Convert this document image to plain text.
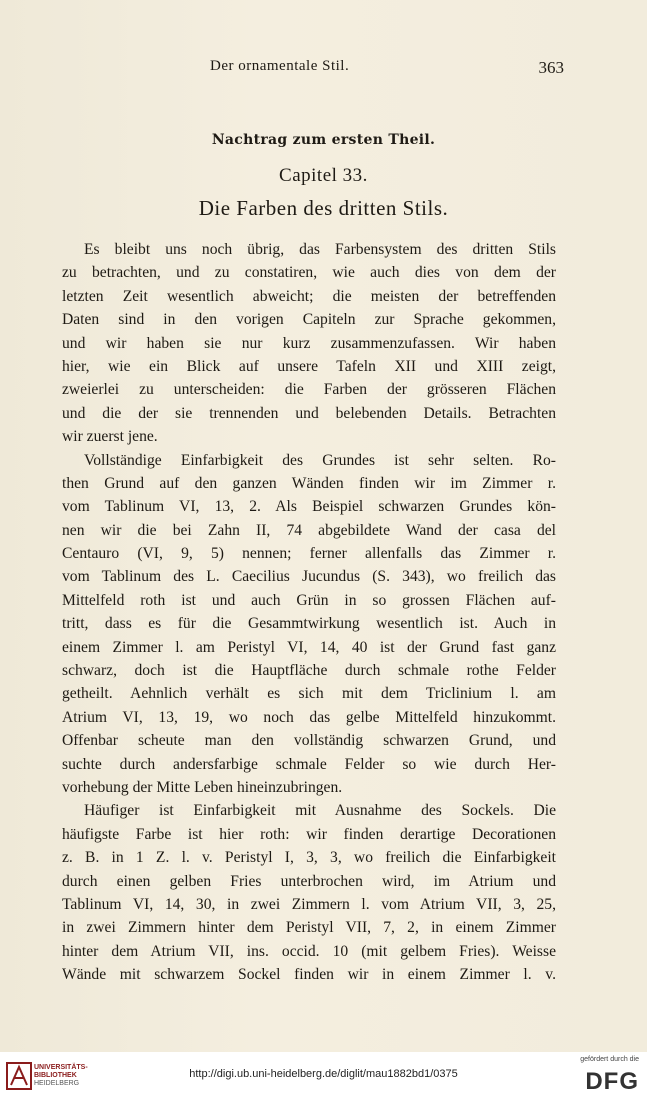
Der ornamentale Stil.	363
Nachtrag zum ersten Theil.
Capitel 33.
Die Farben des dritten Stils.
Es bleibt uns noch übrig, das Farbensystem des dritten Stils
zu betrachten, und zu constatiren, wie auch dies von dem der
letzten Zeit wesentlich abweicht; die meisten der betreffenden
Daten sind in den vorigen Capiteln zur Sprache gekommen,
und wir haben sie nur kurz zusammenzufassen. Wir haben
hier, wie ein Blick auf unsere Tafeln XII und XIII zeigt,
zweierlei zu unterscheiden: die Farben der grösseren Flächen
und die der sie trennenden und belebenden Details. Betrachten
wir zuerst jene.
Vollständige Einfarbigkeit des Grundes ist sehr selten. Ro-
then Grund auf den ganzen Wänden finden wir im Zimmer r.
vom Tablinum VI, 13, 2. Als Beispiel schwarzen Grundes kön-
nen wir die bei Zahn II, 74 abgebildete Wand der casa del
Centauro (VI, 9, 5) nennen; ferner allenfalls das Zimmer r.
vom Tablinum des L. Caecilius Jucundus (S. 343), wo freilich das
Mittelfeld roth ist und auch Grün in so grossen Flächen auf-
tritt, dass es für die Gesammtwirkung wesentlich ist. Auch in
einem Zimmer l. am Peristyl VI, 14, 40 ist der Grund fast ganz
schwarz, doch ist die Hauptfläche durch schmale rothe Felder
getheilt. Aehnlich verhält es sich mit dem Triclinium l. am
Atrium VI, 13, 19, wo noch das gelbe Mittelfeld hinzukommt.
Offenbar scheute man den vollständig schwarzen Grund, und
suchte durch andersfarbige schmale Felder so wie durch Her-
vorhebung der Mitte Leben hineinzubringen.
Häufiger ist Einfarbigkeit mit Ausnahme des Sockels. Die
häufigste Farbe ist hier roth: wir finden derartige Decorationen
z. B. in 1 Z. l. v. Peristyl I, 3, 3, wo freilich die Einfarbigkeit
durch einen gelben Fries unterbrochen wird, im Atrium und
Tablinum VI, 14, 30, in zwei Zimmern l. vom Atrium VII, 3, 25,
in zwei Zimmern hinter dem Peristyl VII, 7, 2, in einem Zimmer
hinter dem Atrium VII, ins. occid. 10 (mit gelbem Fries). Weisse
Wände mit schwarzem Sockel finden wir in einem Zimmer l. v.
UNIVERSITÄTS-
BIBLIOTHEK
HEIDELBERG
http://digi.ub.uni-heidelberg.de/diglit/mau1882bd1/0375
gefördert durch die
DFG
